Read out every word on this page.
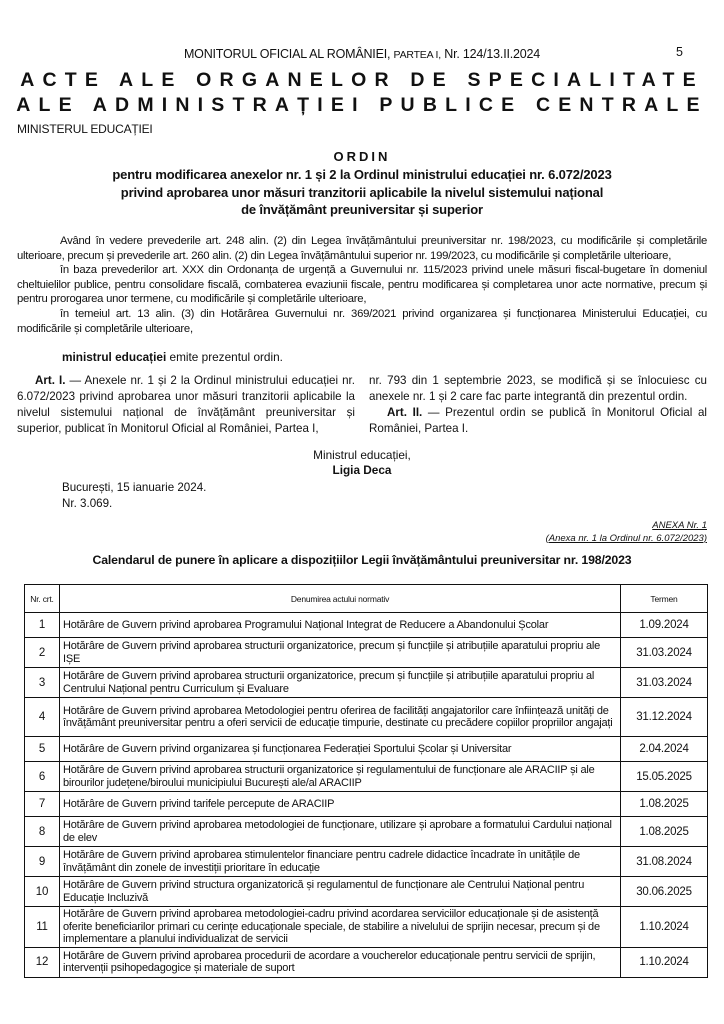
MONITORUL OFICIAL AL ROMÂNIEI, PARTEA I, Nr. 124/13.II.2024	5
ACTE ALE ORGANELOR DE SPECIALITATE
ALE ADMINISTRAȚIEI PUBLICE CENTRALE
MINISTERUL EDUCAȚIEI
ORDIN
pentru modificarea anexelor nr. 1 și 2 la Ordinul ministrului educației nr. 6.072/2023
privind aprobarea unor măsuri tranzitorii aplicabile la nivelul sistemului național
de învățământ preuniversitar și superior

Având în vedere prevederile art. 248 alin. (2) din Legea învățământului preuniversitar nr. 198/2023, cu modificările și completările ulterioare, precum și prevederile art. 260 alin. (2) din Legea învățământului superior nr. 199/2023, cu modificările și completările ulterioare,

în baza prevederilor art. XXX din Ordonanța de urgență a Guvernului nr. 115/2023 privind unele măsuri fiscal-bugetare în domeniul cheltuielilor publice, pentru consolidare fiscală, combaterea evaziunii fiscale, pentru modificarea și completarea unor acte normative, precum și pentru prorogarea unor termene, cu modificările și completările ulterioare,

în temeiul art. 13 alin. (3) din Hotărârea Guvernului nr. 369/2021 privind organizarea și funcționarea Ministerului Educației, cu modificările și completările ulterioare,

ministrul educației emite prezentul ordin.

Art. I. — Anexele nr. 1 și 2 la Ordinul ministrului educației nr. 6.072/2023 privind aprobarea unor măsuri tranzitorii aplicabile la nivelul sistemului național de învățământ preuniversitar și superior, publicat în Monitorul Oficial al României, Partea I,

nr. 793 din 1 septembrie 2023, se modifică și se înlocuiesc cu anexele nr. 1 și 2 care fac parte integrantă din prezentul ordin.

Art. II. — Prezentul ordin se publică în Monitorul Oficial al României, Partea I.

Ministrul educației,
Ligia Deca
București, 15 ianuarie 2024.
Nr. 3.069.
ANEXA Nr. 1
(Anexa nr. 1 la Ordinul nr. 6.072/2023)
Calendarul de punere în aplicare a dispozițiilor Legii învățământului preuniversitar nr. 198/2023
Nr. crt.	Denumirea actului normativ	Termen
1	Hotărâre de Guvern privind aprobarea Programului Național Integrat de Reducere a Abandonului Școlar	1.09.2024
2	Hotărâre de Guvern privind aprobarea structurii organizatorice, precum și funcțiile și atribuțiile aparatului propriu ale IȘE	31.03.2024
3	Hotărâre de Guvern privind aprobarea structurii organizatorice, precum și funcțiile și atribuțiile aparatului propriu al Centrului Național pentru Curriculum și Evaluare	31.03.2024
4	Hotărâre de Guvern privind aprobarea Metodologiei pentru oferirea de facilități angajatorilor care înființează unități de învățământ preuniversitar pentru a oferi servicii de educație timpurie, destinate cu precădere copiilor propriilor angajați	31.12.2024
5	Hotărâre de Guvern privind organizarea și funcționarea Federației Sportului Școlar și Universitar	2.04.2024
6	Hotărâre de Guvern privind aprobarea structurii organizatorice și regulamentului de funcționare ale ARACIIP și ale birourilor județene/biroului municipiului București ale/al ARACIIP	15.05.2025
7	Hotărâre de Guvern privind tarifele percepute de ARACIIP	1.08.2025
8	Hotărâre de Guvern privind aprobarea metodologiei de funcționare, utilizare și aprobare a formatului Cardului național de elev	1.08.2025
9	Hotărâre de Guvern privind aprobarea stimulentelor financiare pentru cadrele didactice încadrate în unitățile de învățământ din zonele de investiții prioritare în educație	31.08.2024
10	Hotărâre de Guvern privind structura organizatorică și regulamentul de funcționare ale Centrului Național pentru Educație Incluzivă	30.06.2025
11	Hotărâre de Guvern privind aprobarea metodologiei-cadru privind acordarea serviciilor educaționale și de asistență oferite beneficiarilor primari cu cerințe educaționale speciale, de stabilire a nivelului de sprijin necesar, precum și de implementare a planului individualizat de servicii	1.10.2024
12	Hotărâre de Guvern privind aprobarea procedurii de acordare a voucherelor educaționale pentru servicii de sprijin, intervenții psihopedagogice și materiale de suport	1.10.2024
